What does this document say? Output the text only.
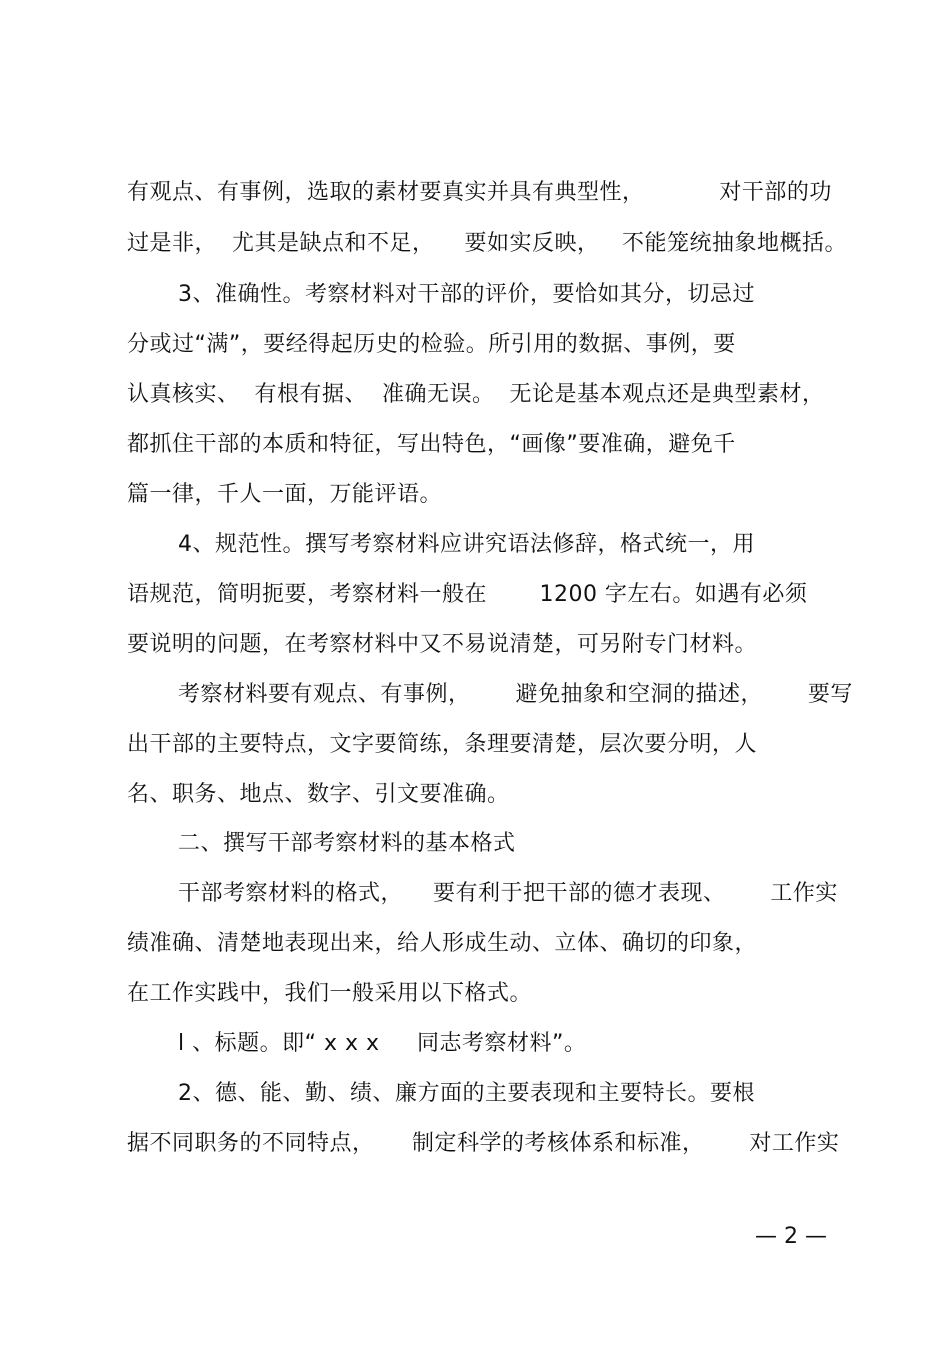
有观点、有事例，选取的素材要真实并具有典型性，          对干部的功
过是非，  尤其是缺点和不足，    要如实反映，   不能笼统抽象地概括。
3、准确性。考察材料对干部的评价，要恰如其分，切忌过
分或过“满”，要经得起历史的检验。所引用的数据、事例，要
认真核实、  有根有据、  准确无误。  无论是基本观点还是典型素材，
都抓住干部的本质和特征，写出特色，“画像”要准确，避免千
篇一律，千人一面，万能评语。
4、规范性。撰写考察材料应讲究语法修辞，格式统一，用
语规范，简明扼要，考察材料一般在       1200 字左右。如遇有必须
要说明的问题，在考察材料中又不易说清楚，可另附专门材料。
考察材料要有观点、有事例，      避免抽象和空洞的描述，      要写
出干部的主要特点，文字要简练，条理要清楚，层次要分明，人
名、职务、地点、数字、引文要准确。
二、撰写干部考察材料的基本格式
干部考察材料的格式，    要有利于把干部的德才表现、      工作实
绩准确、清楚地表现出来，给人形成生动、立体、确切的印象，
在工作实践中，我们一般采用以下格式。
l 、标题。即“ x x x     同志考察材料”。
2、德、能、勤、绩、廉方面的主要表现和主要特长。要根
据不同职务的不同特点，     制定科学的考核体系和标准，      对工作实
— 2 —
